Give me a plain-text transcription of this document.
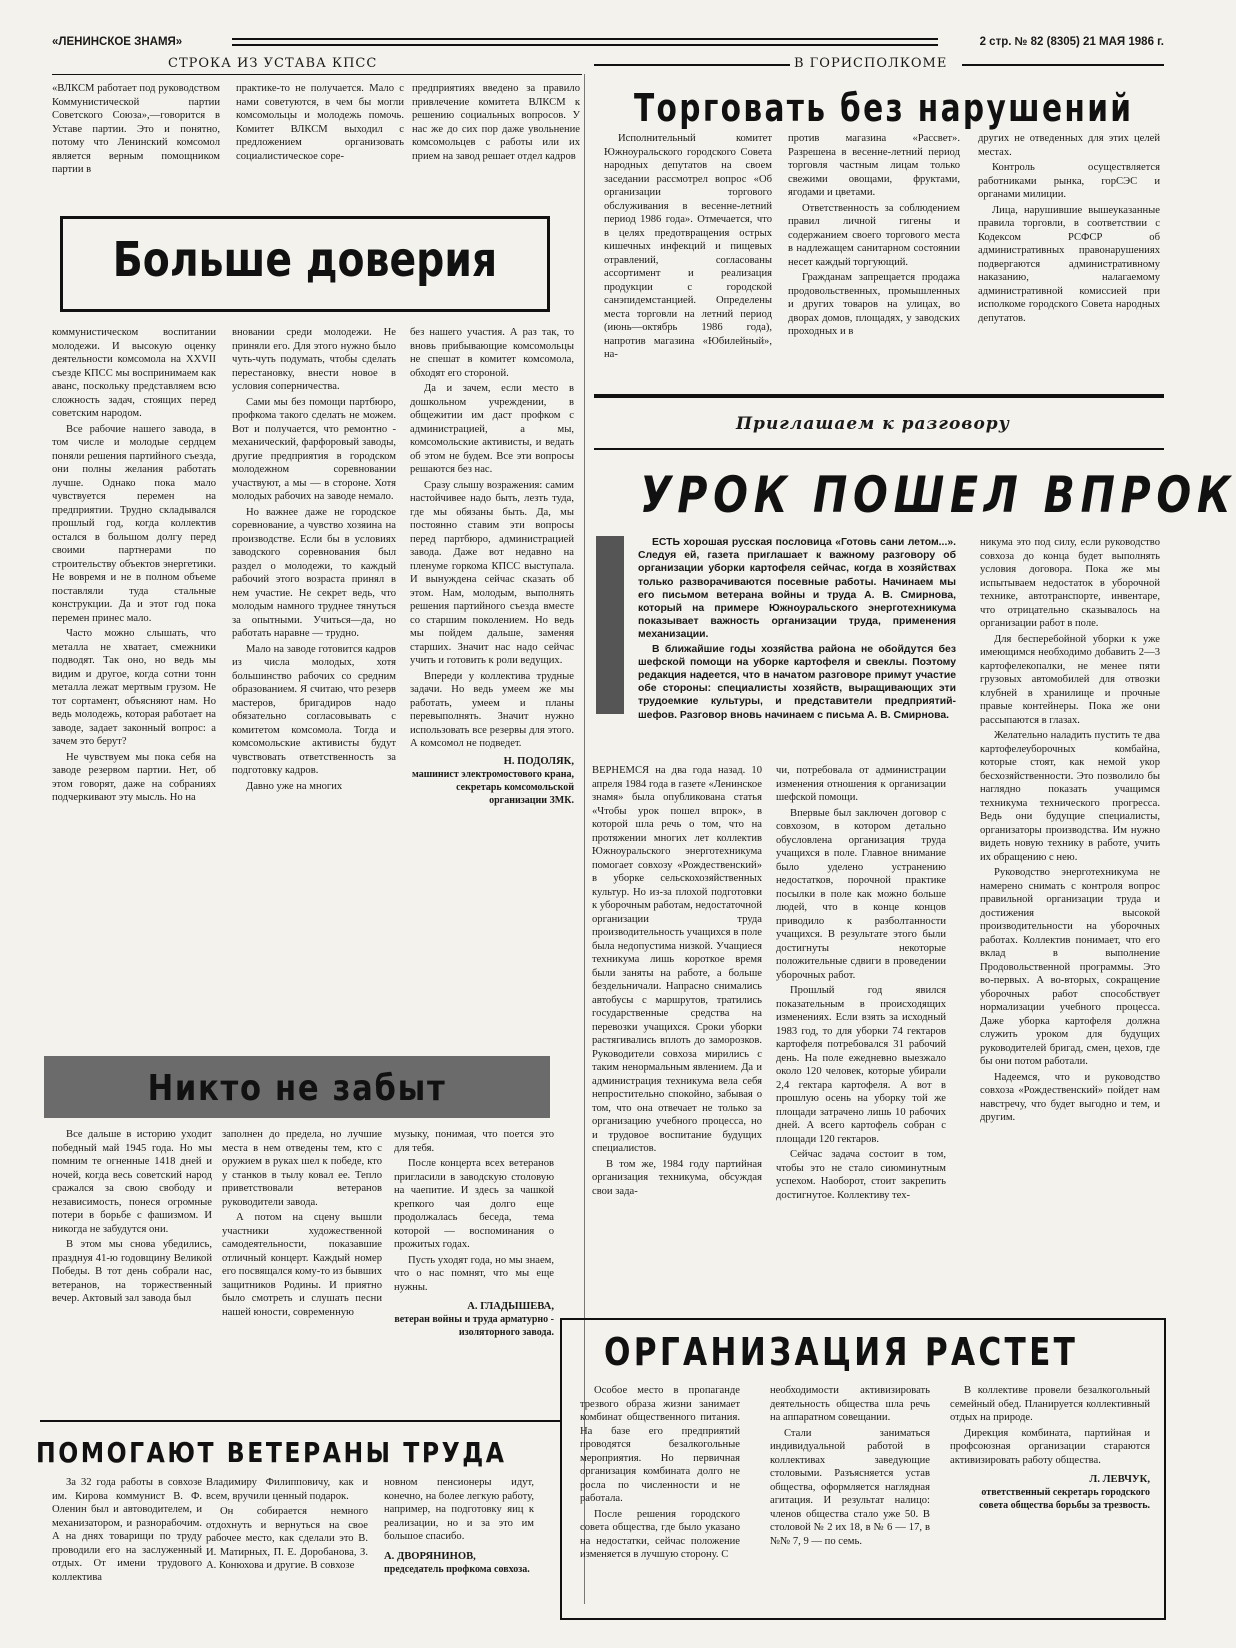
«ЛЕНИНСКОЕ ЗНАМЯ»	2 стр. № 82 (8305) 21 МАЯ 1986 г.
СТРОКА ИЗ УСТАВА КПСС

«ВЛКСМ работает под руководством Коммунистической партии Советского Союза»,—говорится в Уставе партии. Это и понятно, потому что Ленинский комсомол является верным помощником партии в

практике-то не получается. Мало с нами советуются, в чем бы могли комсомольцы и молодежь помочь. Комитет ВЛКСМ выходил с предложением организовать социалистическое соре-

предприятиях введено за правило привлечение комитета ВЛКСМ к решению социальных вопросов. У нас же до сих пор даже увольнение комсомольцев с работы или их прием на завод решает отдел кадров

Больше доверия

коммунистическом воспитании молодежи. И высокую оценку деятельности комсомола на XXVII съезде КПСС мы воспринимаем как аванс, поскольку представляем всю сложность задач, стоящих перед советским народом.

Все рабочие нашего завода, в том числе и молодые сердцем поняли решения партийного съезда, они полны желания работать лучше. Однако пока мало чувствуется перемен на предприятии. Трудно складывался прошлый год, когда коллектив остался в большом долгу перед своими партнерами по строительству объектов энергетики. Не вовремя и не в полном объеме поставляли туда стальные конструкции. Да и этот год пока перемен принес мало.

Часто можно слышать, что металла не хватает, смежники подводят. Так оно, но ведь мы видим и другое, когда сотни тонн металла лежат мертвым грузом. Не тот сортамент, объясняют нам. Но ведь молодежь, которая работает на заводе, задает законный вопрос: а зачем это берут?

Не чувствуем мы пока себя на заводе резервом партии. Нет, об этом говорят, даже на собраниях подчеркивают эту мысль. Но на

вновании среди молодежи. Не приняли его. Для этого нужно было чуть-чуть подумать, чтобы сделать перестановку, внести новое в условия соперничества.

Сами мы без помощи партбюро, профкома такого сделать не можем. Вот и получается, что ремонтно - механический, фарфоровый заводы, другие предприятия в городском молодежном соревновании участвуют, а мы — в стороне. Хотя молодых рабочих на заводе немало.

Но важнее даже не городское соревнование, а чувство хозяина на производстве. Если бы в условиях заводского соревнования был раздел о молодежи, то каждый рабочий этого возраста принял в нем участие. Не секрет ведь, что молодым намного труднее тянуться за опытными. Учиться—да, но работать наравне — трудно.

Мало на заводе готовится кадров из числа молодых, хотя большинство рабочих со средним образованием. Я считаю, что резерв мастеров, бригадиров надо обязательно согласовывать с комитетом комсомола. Тогда и комсомольские активисты будут чувствовать ответственность за подготовку кадров.

Давно уже на многих

без нашего участия. А раз так, то вновь прибывающие комсомольцы не спешат в комитет комсомола, обходят его стороной.

Да и зачем, если место в дошкольном учреждении, в общежитии им даст профком с администрацией, а мы, комсомольские активисты, и ведать об этом не будем. Все эти вопросы решаются без нас.

Сразу слышу возражения: самим настойчивее надо быть, лезть туда, где мы обязаны быть. Да, мы постоянно ставим эти вопросы перед партбюро, администрацией завода. Даже вот недавно на пленуме горкома КПСС выступала. И вынуждена сейчас сказать об этом. Нам, молодым, выполнять решения партийного съезда вместе со старшим поколением. Но ведь мы пойдем дальше, заменяя старших. Значит нас надо сейчас учить и готовить к роли ведущих.

Впереди у коллектива трудные задачи. Но ведь умеем же мы работать, умеем и планы перевыполнять. Значит нужно использовать все резервы для этого. А комсомол не подведет.

Н. ПОДОЛЯК,
машинист электромостового крана, секретарь комсомольской организации ЗМК.
Никто не забыт

Все дальше в историю уходит победный май 1945 года. Но мы помним те огненные 1418 дней и ночей, когда весь советский народ сражался за свою свободу и независимость, понеся огромные потери в борьбе с фашизмом. И никогда не забудутся они.

В этом мы снова убедились, празднуя 41-ю годовщину Великой Победы. В тот день собрали нас, ветеранов, на торжественный вечер. Актовый зал завода был

заполнен до предела, но лучшие места в нем отведены тем, кто с оружием в руках шел к победе, кто у станков в тылу ковал ее. Тепло приветствовали ветеранов руководители завода.

А потом на сцену вышли участники художественной самодеятельности, показавшие отличный концерт. Каждый номер его посвящался кому-то из бывших защитников Родины. И приятно было смотреть и слушать песни нашей юности, современную

музыку, понимая, что поется это для тебя.

После концерта всех ветеранов пригласили в заводскую столовую на чаепитие. И здесь за чашкой крепкого чая долго еще продолжалась беседа, тема которой — воспоминания о прожитых годах.

Пусть уходят года, но мы знаем, что о нас помнят, что мы еще нужны.

А. ГЛАДЫШЕВА,
ветеран войны и труда арматурно - изоляторного завода.
ПОМОГАЮТ ВЕТЕРАНЫ ТРУДА

За 32 года работы в совхозе им. Кирова коммунист В. Ф. Оленин был и автоводителем, и механизатором, и разнорабочим. А на днях товарищи по труду проводили его на заслуженный отдых. От имени трудового коллектива

Владимиру Филипповичу, как и всем, вручили ценный подарок.

Он собирается немного отдохнуть и вернуться на свое рабочее место, как сделали это В. И. Матирных, П. Е. Доробанова, З. А. Конюхова и другие. В совхозе

новном пенсионеры идут, конечно, на более легкую работу, например, на подготовку яиц к реализации, но и за это им большое спасибо.

А. ДВОРЯНИНОВ,
председатель профкома совхоза.
В ГОРИСПОЛКОМЕ
Торговать без нарушений

Исполнительный комитет Южноуральского городского Совета народных депутатов на своем заседании рассмотрел вопрос «Об организации торгового обслуживания в весенне-летний период 1986 года». Отмечается, что в целях предотвращения острых кишечных инфекций и пищевых отравлений, согласованы ассортимент и реализация продукции с городской санэпидемстанцией. Определены места торговли на летний период (июнь—октябрь 1986 года), напротив магазина «Юбилейный», на-

против магазина «Рассвет». Разрешена в весенне-летний период торговля частным лицам только свежими овощами, фруктами, ягодами и цветами.

Ответственность за соблюдением правил личной гигены и содержанием своего торгового места в надлежащем санитарном состоянии несет каждый торгующий.

Гражданам запрещается продажа продовольственных, промышленных и других товаров на улицах, во дворах домов, площадях, у заводских проходных и в

других не отведенных для этих целей местах.

Контроль осуществляется работниками рынка, горСЭС и органами милиции.

Лица, нарушившие вышеуказанные правила торговли, в соответствии с Кодексом РСФСР об административных правонарушениях подвергаются административному наказанию, налагаемому административной комиссией при исполкоме городского Совета народных депутатов.

Приглашаем к разговору
УРОК ПОШЕЛ ВПРОК

ЕСТЬ хорошая русская пословица «Готовь сани летом...». Следуя ей, газета приглашает к важному разговору об организации уборки картофеля сейчас, когда в хозяйствах только разворачиваются посевные работы. Начинаем мы его письмом ветерана войны и труда А. В. Смирнова, который на примере Южноуральского энерготехникума показывает важность организации труда, применения механизации.

В ближайшие годы хозяйства района не обойдутся без шефской помощи на уборке картофеля и свеклы. Поэтому редакция надеется, что в начатом разговоре примут участие обе стороны: специалисты хозяйств, выращивающих эти трудоемкие культуры, и представители предприятий-шефов. Разговор вновь начинаем с письма А. В. Смирнова.

ВЕРНЕМСЯ на два года назад. 10 апреля 1984 года в газете «Ленинское знамя» была опубликована статья «Чтобы урок пошел впрок», в которой шла речь о том, что на протяжении многих лет коллектив Южноуральского энерготехникума помогает совхозу «Рождественский» в уборке сельскохозяйственных культур. Но из-за плохой подготовки к уборочным работам, недостаточной организации труда производительность учащихся в поле была недопустима низкой. Учащиеся техникума лишь короткое время были заняты на работе, а больше бездельничали. Напрасно снимались автобусы с маршрутов, тратились государственные средства на перевозки учащихся. Сроки уборки растягивались вплоть до заморозков. Руководители совхоза мирились с таким ненормальным явлением. Да и администрация техникума вела себя непростительно спокойно, забывая о том, что она отвечает не только за организацию учебного процесса, но и трудовое воспитание будущих специалистов.

В том же, 1984 году партийная организация техникума, обсуждая свои зада-

чи, потребовала от администрации изменения отношения к организации шефской помощи.

Впервые был заключен договор с совхозом, в котором детально обусловлена организация труда учащихся в поле. Главное внимание было уделено устранению недостатков, порочной практике посылки в поле как можно больше людей, что в конце концов приводило к разболтанности учащихся. В результате этого были достигнуты некоторые положительные сдвиги в проведении уборочных работ.

Прошлый год явился показательным в происходящих изменениях. Если взять за исходный 1983 год, то для уборки 74 гектаров картофеля потребовался 31 рабочий день. На поле ежедневно выезжало около 120 человек, которые убирали 2,4 гектара картофеля. А вот в прошлую осень на уборку той же площади затрачено лишь 10 рабочих дней. А всего картофель собран с площади 120 гектаров.

Сейчас задача состоит в том, чтобы это не стало сиюминутным успехом. Наоборот, стоит закрепить достигнутое. Коллективу тех-

никума это под силу, если руководство совхоза до конца будет выполнять условия договора. Пока же мы испытываем недостаток в уборочной технике, автотранспорте, инвентаре, что отрицательно сказывалось на организации работ в поле.

Для бесперебойной уборки к уже имеющимся необходимо добавить 2—3 картофелекопалки, не менее пяти грузовых автомобилей для отвозки клубней в хранилище и прочные правые контейнеры. Пока же они рассыпаются в глазах.

Желательно наладить пустить те два картофелеуборочных комбайна, которые стоят, как немой укор бесхозяйственности. Это позволило бы наглядно показать учащимся техникума технического прогресса. Ведь они будущие специалисты, организаторы производства. Им нужно видеть новую технику в работе, учить их обращению с нею.

Руководство энерготехникума не намерено снимать с контроля вопрос правильной организации труда и достижения высокой производительности на уборочных работах. Коллектив понимает, что его вклад в выполнение Продовольственной программы. Это во-первых. А во-вторых, сокращение уборочных работ способствует нормализации учебного процесса. Даже уборка картофеля должна служить уроком для будущих руководителей бригад, смен, цехов, где бы они потом работали.

Надеемся, что и руководство совхоза «Рождественский» пойдет нам навстречу, что будет выгодно и тем, и другим.

ОРГАНИЗАЦИЯ РАСТЕТ

Особое место в пропаганде трезвого образа жизни занимает комбинат общественного питания. На базе его предприятий проводятся безалкогольные мероприятия. Но первичная организация комбината долго не росла по численности и не работала.

После решения городского совета общества, где было указано на недостатки, сейчас положение изменяется в лучшую сторону. С

необходимости активизировать деятельность общества шла речь на аппаратном совещании.

Стали заниматься индивидуальной работой в коллективах заведующие столовыми. Разъясняется устав общества, оформляется наглядная агитация. И результат налицо: членов общества стало уже 50. В столовой № 2 их 18, в № 6 — 17, в №№ 7, 9 — по семь.

В коллективе провели безалкогольный семейный обед. Планируется коллективный отдых на природе.

Дирекция комбината, партийная и профсоюзная организации стараются активизировать работу общества.

Л. ЛЕВЧУК,
ответственный секретарь городского совета общества борьбы за трезвость.
